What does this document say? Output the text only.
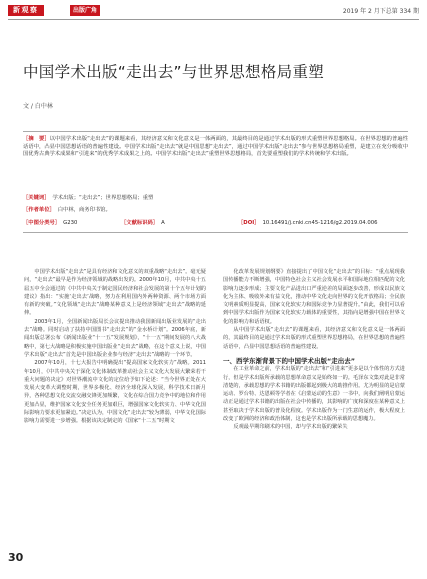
新观察	出版广角	2019 年 2 月下总第 334 期
中国学术出版“走出去”与世界思想格局重塑
文 / 白中林
［摘　要］以中国学术出版“走出去”的课题来看，其经济意义和文化意义是一体两面的，其最终目的是通过学术出版的形式重塑世界思想格局。在世界思想的普遍性话语中，凸显中国思想话语的普遍性建设。中国学术出版“走出去”就是中国思想“走出去”，通过中国学术出版“走出去”参与世界思想格局重塑，是建立在充分吸收中国优秀古典学术成果和“引进来”的优秀学术成果之上的。中国学术出版“走出去”重塑世界思想格局，首先要重塑我们的学术传统和学术出版。
［关键词］ 学术出版；“走出去”；世界思想格局；重塑
［作者单位］ 白中林，商务印书馆。
［中图分类号］ G230	［文献标识码］ A	［DOI］ 10.16491/j.cnki.cn45-1216/g2.2019.04.006

中国学术出版“走出去”是具有经济和文化意义的双重战略“走出去”。毫无疑问，“走出去”最早是作为经济领域的战略出发的。2000年10月，中共中央十五届五中全会通过的《中共中央关于制定国民经济和社会发展的第十个五年计划的建议》指出：“实施‘走出去’战略，努力在利用国内外两种资源、两个市场方面有新的突破。”文化领域“走出去”战略某种意义上是经济领域“走出去”战略的延伸。

2003年1月，全国新闻出版局长会议提出推动我国新闻出版业发展的“走出去”战略。同时启动了扶持中国图书“走出去”的“金水桥计划”。2006年底，新闻出版总署公布《新闻出版业“十一五”发展规划》，“十一五”期间发展的八大战略中，第七大战略是积极实施中国出版业“走出去”战略，在这个意义上说，中国学术出版“走出去”首先是中国出版企业参与经济“走出去”战略的一个环节。

2007年10月，十七大报告中明确提出“提高国家文化软实力”战略。2011年10月，《中共中央关于深化文化体制改革推动社会主义文化大发展大繁荣若干重大问题的决定》对世界潮流中文化的定位给予如下论述：“当今世界正处在大发展大变革大调整时期，世界多极化、经济全球化深入发展，科学技术日新月异，各种思想文化交流交融交锋更加频繁，文化在综合国力竞争中的地位和作用更加凸显，维护国家文化安全任务更加艰巨，增强国家文化软实力、中华文化国际影响力要求更加紧迫。”决定认为，中国文化“走出去”较为薄弱，中华文化国际影响力需要进一步增强。根据该决定制定的《国家“十二五”时期文

化改革发展规划纲要》直接提出了中国文化“走出去”的目标：“重点展现我国传播能力不断增强，中国特色社会主义社会发展水平和国际地位相匹配的文化影响力逐步形成；主要文化产品进出口严重逆差的局面逐步改善，形成以民族文化为主体、吸收外来有益文化，推动中华文化走向世界的文化开放格局；全民族文明素质明显提高，国家文化软实力和国际竞争力显著提升。”由此，我们可以看到中国学术出版作为国家文化软实力载体的重要性，其指向是增强中国在世界文化的影响力和话语权。

从中国学术出版“走出去”的课题来看，其经济意义和文化意义是一体两面的，其最终目的是通过学术出版的形式重塑世界思想格局，在世界思想的普遍性话语中，凸显中国思想话语的普遍性建设。

一、西学东渐背景下的中国学术出版“走出去”

在工业革命之前，学术出版的“走出去”和“引进来”更多是以个体性的方式进行，但是学术出版所承载的思想革命意义是始终如一的。毛泽东文集对此是非常清楚的，承载思想的学术书籍的出版都起到极大的助推作用。尤为明显的是启蒙运动、罗台特、达恩顿等学者在《启蒙运动的生意》一书中，向我们阐明启蒙运动正是通过学术书籍的出版在社会中传播的，其影响的广度和深度在某种意义上甚至取决于学术出版的普及化程度。学术出版作为一门生意的运作，极大程度上改变了欧洲的经济和政治体制，这也是学术出版所承载的思想魔力。

反观最早期印刷术的中国，却与学术出版的繁荣失

30
